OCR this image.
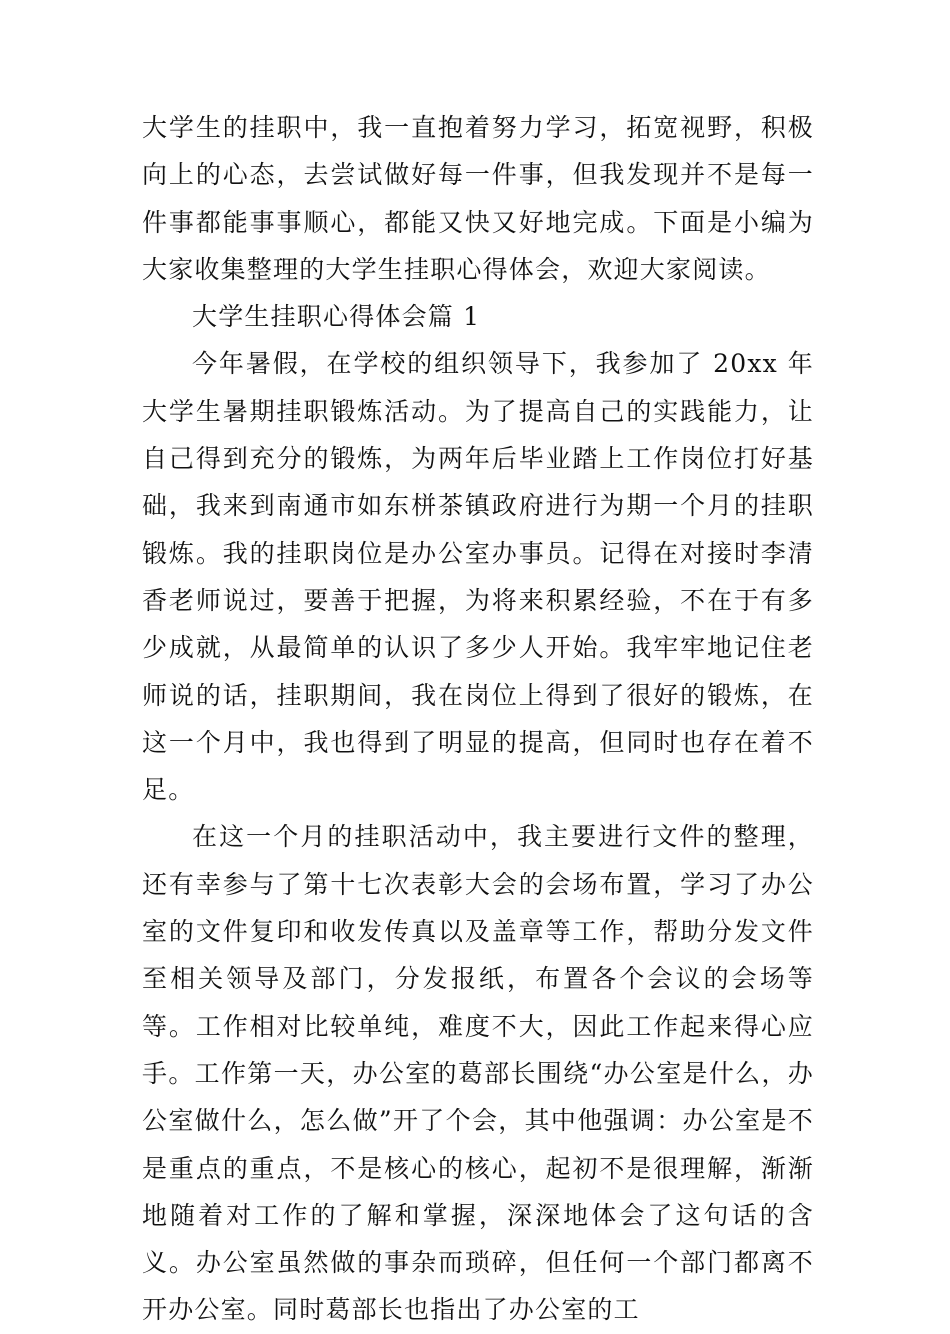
大学生的挂职中，我一直抱着努力学习，拓宽视野，积极向上的心态，去尝试做好每一件事，但我发现并不是每一件事都能事事顺心，都能又快又好地完成。下面是小编为大家收集整理的大学生挂职心得体会，欢迎大家阅读。

大学生挂职心得体会篇 1

今年暑假，在学校的组织领导下，我参加了 20xx 年大学生暑期挂职锻炼活动。为了提高自己的实践能力，让自己得到充分的锻炼，为两年后毕业踏上工作岗位打好基础，我来到南通市如东栟茶镇政府进行为期一个月的挂职锻炼。我的挂职岗位是办公室办事员。记得在对接时李清香老师说过，要善于把握，为将来积累经验，不在于有多少成就，从最简单的认识了多少人开始。我牢牢地记住老师说的话，挂职期间，我在岗位上得到了很好的锻炼，在这一个月中，我也得到了明显的提高，但同时也存在着不足。

在这一个月的挂职活动中，我主要进行文件的整理，还有幸参与了第十七次表彰大会的会场布置，学习了办公室的文件复印和收发传真以及盖章等工作，帮助分发文件至相关领导及部门，分发报纸，布置各个会议的会场等等。工作相对比较单纯，难度不大，因此工作起来得心应手。工作第一天，办公室的葛部长围绕“办公室是什么，办公室做什么，怎么做”开了个会，其中他强调：办公室是不是重点的重点，不是核心的核心，起初不是很理解，渐渐地随着对工作的了解和掌握，深深地体会了这句话的含义。办公室虽然做的事杂而琐碎，但任何一个部门都离不开办公室。同时葛部长也指出了办公室的工
